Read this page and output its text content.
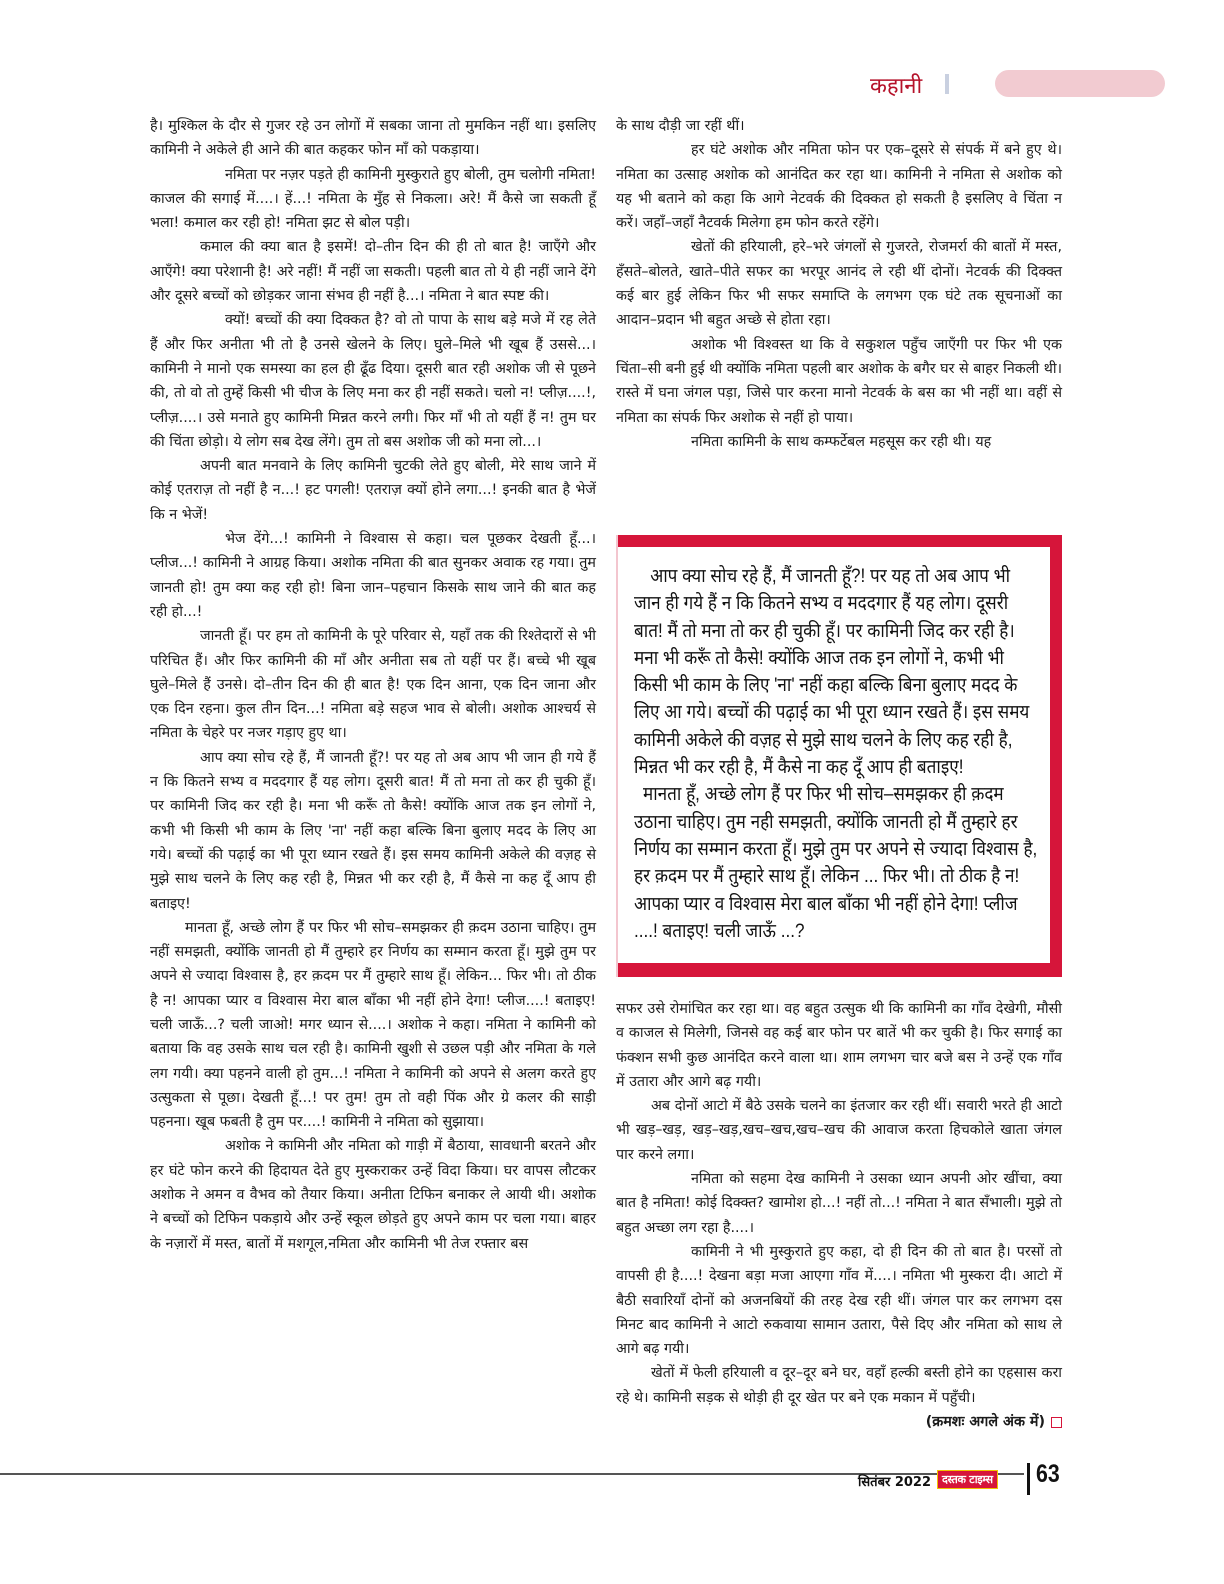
कहानी

है। मुश्किल के दौर से गुजर रहे उन लोगों में सबका जाना तो मुमकिन नहीं था। इसलिए कामिनी ने अकेले ही आने की बात कहकर फोन माँ को पकड़ाया।

नमिता पर नज़र पड़ते ही कामिनी मुस्कुराते हुए बोली, तुम चलोगी नमिता! काजल की सगाई में....। हें...! नमिता के मुँह से निकला। अरे! मैं कैसे जा सकती हूँ भला! कमाल कर रही हो! नमिता झट से बोल पड़ी।

कमाल की क्या बात है इसमें! दो–तीन दिन की ही तो बात है! जाएँगे और आएँगे! क्या परेशानी है! अरे नहीं! मैं नहीं जा सकती। पहली बात तो ये ही नहीं जाने देंगे और दूसरे बच्चों को छोड़कर जाना संभव ही नहीं है...। नमिता ने बात स्पष्ट की।

क्यों! बच्चों की क्या दिक्कत है? वो तो पापा के साथ बड़े मजे में रह लेते हैं और फिर अनीता भी तो है उनसे खेलने के लिए। घुले–मिले भी खूब हैं उससे...। कामिनी ने मानो एक समस्या का हल ही ढूँढ दिया। दूसरी बात रही अशोक जी से पूछने की, तो वो तो तुम्हें किसी भी चीज के लिए मना कर ही नहीं सकते। चलो न! प्लीज़....!, प्लीज़....। उसे मनाते हुए कामिनी मिन्नत करने लगी। फिर माँ भी तो यहीं हैं न! तुम घर की चिंता छोड़ो। ये लोग सब देख लेंगे। तुम तो बस अशोक जी को मना लो...।

अपनी बात मनवाने के लिए कामिनी चुटकी लेते हुए बोली, मेरे साथ जाने में कोई एतराज़ तो नहीं है न...! हट पगली! एतराज़ क्यों होने लगा...! इनकी बात है भेजें कि न भेजें!

भेज देंगे...! कामिनी ने विश्वास से कहा। चल पूछकर देखती हूँ...। प्लीज...! कामिनी ने आग्रह किया। अशोक नमिता की बात सुनकर अवाक रह गया। तुम जानती हो! तुम क्या कह रही हो! बिना जान–पहचान किसके साथ जाने की बात कह रही हो...!

जानती हूँ। पर हम तो कामिनी के पूरे परिवार से, यहाँ तक की रिश्तेदारों से भी परिचित हैं। और फिर कामिनी की माँ और अनीता सब तो यहीं पर हैं। बच्चे भी खूब घुले–मिले हैं उनसे। दो–तीन दिन की ही बात है! एक दिन आना, एक दिन जाना और एक दिन रहना। कुल तीन दिन...! नमिता बड़े सहज भाव से बोली। अशोक आश्चर्य से नमिता के चेहरे पर नजर गड़ाए हुए था।

आप क्या सोच रहे हैं, मैं जानती हूँ?! पर यह तो अब आप भी जान ही गये हैं न कि कितने सभ्य व मददगार हैं यह लोग। दूसरी बात! मैं तो मना तो कर ही चुकी हूँ। पर कामिनी जिद कर रही है। मना भी करूँ तो कैसे! क्योंकि आज तक इन लोगों ने, कभी भी किसी भी काम के लिए 'ना' नहीं कहा बल्कि बिना बुलाए मदद के लिए आ गये। बच्चों की पढ़ाई का भी पूरा ध्यान रखते हैं। इस समय कामिनी अकेले की वज़ह से मुझे साथ चलने के लिए कह रही है, मिन्नत भी कर रही है, मैं कैसे ना कह दूँ आप ही बताइए!

मानता हूँ, अच्छे लोग हैं पर फिर भी सोच–समझकर ही क़दम उठाना चाहिए। तुम नहीं समझती, क्योंकि जानती हो मैं तुम्हारे हर निर्णय का सम्मान करता हूँ। मुझे तुम पर अपने से ज्यादा विश्वास है, हर क़दम पर मैं तुम्हारे साथ हूँ। लेकिन... फिर भी। तो ठीक है न! आपका प्यार व विश्वास मेरा बाल बाँका भी नहीं होने देगा! प्लीज....! बताइए! चली जाऊँ...? चली जाओ! मगर ध्यान से....। अशोक ने कहा। नमिता ने कामिनी को बताया कि वह उसके साथ चल रही है। कामिनी खुशी से उछल पड़ी और नमिता के गले लग गयी। क्या पहनने वाली हो तुम...! नमिता ने कामिनी को अपने से अलग करते हुए उत्सुकता से पूछा। देखती हूँ...! पर तुम! तुम तो वही पिंक और ग्रे कलर की साड़ी पहनना। खूब फबती है तुम पर....! कामिनी ने नमिता को सुझाया।

अशोक ने कामिनी और नमिता को गाड़ी में बैठाया, सावधानी बरतने और हर घंटे फोन करने की हिदायत देते हुए मुस्कराकर उन्हें विदा किया। घर वापस लौटकर अशोक ने अमन व वैभव को तैयार किया। अनीता टिफिन बनाकर ले आयी थी। अशोक ने बच्चों को टिफिन पकड़ाये और उन्हें स्कूल छोड़ते हुए अपने काम पर चला गया। बाहर के नज़ारों में मस्त, बातों में मशगूल,नमिता और कामिनी भी तेज रफ्तार बस

के साथ दौड़ी जा रहीं थीं।

हर घंटे अशोक और नमिता फोन पर एक–दूसरे से संपर्क में बने हुए थे। नमिता का उत्साह अशोक को आनंदित कर रहा था। कामिनी ने नमिता से अशोक को यह भी बताने को कहा कि आगे नेटवर्क की दिक्कत हो सकती है इसलिए वे चिंता न करें। जहाँ–जहाँ नैटवर्क मिलेगा हम फोन करते रहेंगे।

खेतों की हरियाली, हरे–भरे जंगलों से गुजरते, रोजमर्रा की बातों में मस्त, हँसते–बोलते, खाते–पीते सफर का भरपूर आनंद ले रही थीं दोनों। नेटवर्क की दिक्क्त कई बार हुई लेकिन फिर भी सफर समाप्ति के लगभग एक घंटे तक सूचनाओं का आदान–प्रदान भी बहुत अच्छे से होता रहा।

अशोक भी विश्वस्त था कि वे सकुशल पहुँच जाएँगी पर फिर भी एक चिंता–सी बनी हुई थी क्योंकि नमिता पहली बार अशोक के बगैर घर से बाहर निकली थी। रास्ते में घना जंगल पड़ा, जिसे पार करना मानो नेटवर्क के बस का भी नहीं था। वहीं से नमिता का संपर्क फिर अशोक से नहीं हो पाया।

नमिता कामिनी के साथ कम्फर्टेबल महसूस कर रही थी। यह

आप क्या सोच रहे हैं, मैं जानती हूँ?! पर यह तो अब आप भी जान ही गये हैं न कि कितने सभ्य व मददगार हैं यह लोग। दूसरी बात! मैं तो मना तो कर ही चुकी हूँ। पर कामिनी जिद कर रही है। मना भी करूँ तो कैसे! क्योंकि आज तक इन लोगों ने, कभी भी किसी भी काम के लिए 'ना' नहीं कहा बल्कि बिना बुलाए मदद के लिए आ गये। बच्चों की पढ़ाई का भी पूरा ध्यान रखते हैं। इस समय कामिनी अकेले की वज़ह से मुझे साथ चलने के लिए कह रही है, मिन्नत भी कर रही है, मैं कैसे ना कह दूँ आप ही बताइए!

मानता हूँ, अच्छे लोग हैं पर फिर भी सोच–समझकर ही क़दम उठाना चाहिए। तुम नही समझती, क्योंकि जानती हो मैं तुम्हारे हर निर्णय का सम्मान करता हूँ। मुझे तुम पर अपने से ज्यादा विश्वास है, हर क़दम पर मैं तुम्हारे साथ हूँ। लेकिन ... फिर भी। तो ठीक है न! आपका प्यार व विश्वास मेरा बाल बाँका भी नहीं होने देगा! प्लीज ....! बताइए! चली जाऊँ ...?

सफर उसे रोमांचित कर रहा था। वह बहुत उत्सुक थी कि कामिनी का गाँव देखेगी, मौसी व काजल से मिलेगी, जिनसे वह कई बार फोन पर बातें भी कर चुकी है। फिर सगाई का फंक्शन सभी कुछ आनंदित करने वाला था। शाम लगभग चार बजे बस ने उन्हें एक गाँव में उतारा और आगे बढ़ गयी।

अब दोनों आटो में बैठे उसके चलने का इंतजार कर रही थीं। सवारी भरते ही आटो भी खड़–खड़, खड़–खड़,खच–खच,खच–खच की आवाज करता हिचकोले खाता जंगल पार करने लगा।

नमिता को सहमा देख कामिनी ने उसका ध्यान अपनी ओर खींचा, क्या बात है नमिता! कोई दिक्क्त? खामोश हो...! नहीं तो...! नमिता ने बात सँभाली। मुझे तो बहुत अच्छा लग रहा है....।

कामिनी ने भी मुस्कुराते हुए कहा, दो ही दिन की तो बात है। परसों तो वापसी ही है....! देखना बड़ा मजा आएगा गाँव में....। नमिता भी मुस्करा दी। आटो में बैठी सवारियाँ दोनों को अजनबियों की तरह देख रही थीं। जंगल पार कर लगभग दस मिनट बाद कामिनी ने आटो रुकवाया सामान उतारा, पैसे दिए और नमिता को साथ ले आगे बढ़ गयी।

खेतों में फेली हरियाली व दूर–दूर बने घर, वहाँ हल्की बस्ती होने का एहसास करा रहे थे। कामिनी सड़क से थोड़ी ही दूर खेत पर बने एक मकान में पहुँची।

(क्रमशः अगले अंक में)

सितंबर 2022 दस्तक टाइम्स 63
